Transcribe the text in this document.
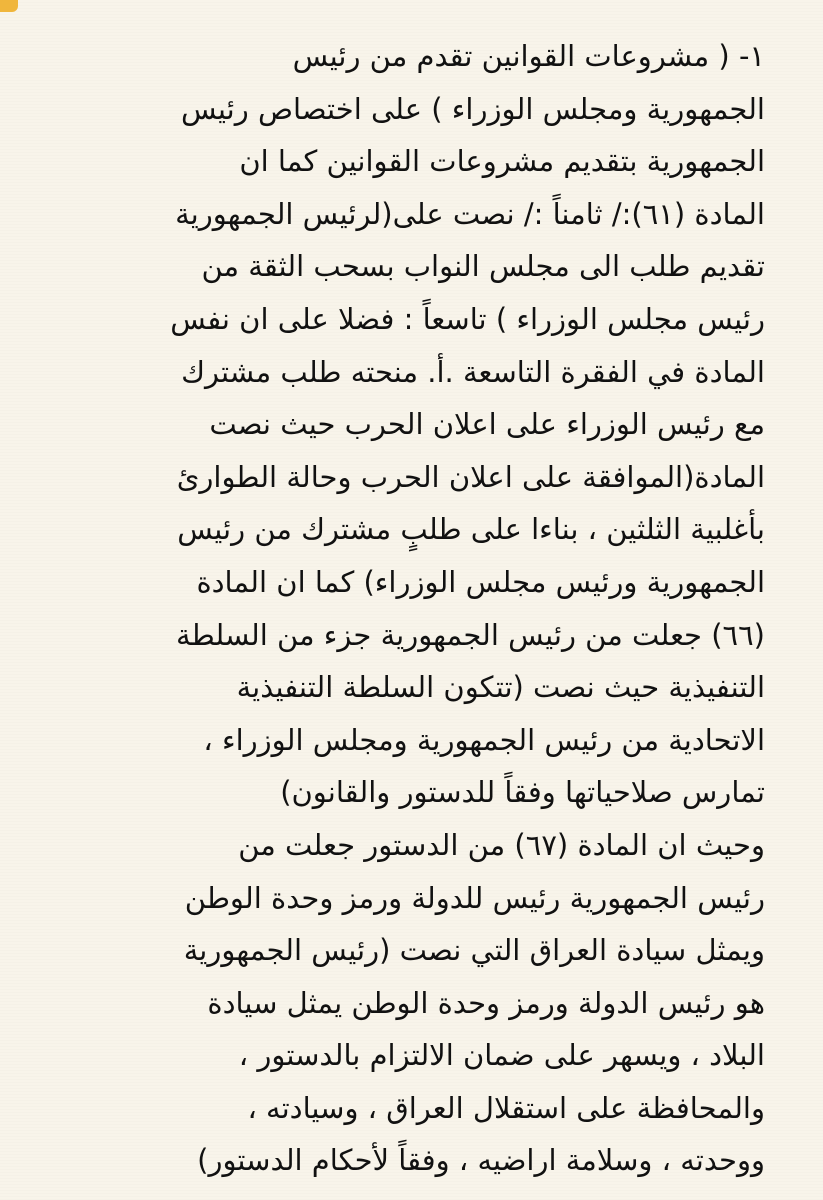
١- ( مشروعات القوانين تقدم من رئيس
الجمهورية ومجلس الوزراء ) على اختصاص رئيس
الجمهورية بتقديم مشروعات القوانين كما ان
المادة (٦١):/ ثامناً :/ نصت على(لرئيس الجمهورية
تقديم طلب الى مجلس النواب بسحب الثقة من
رئيس مجلس الوزراء ) تاسعاً : فضلا على ان نفس
المادة في الفقرة التاسعة .أ. منحته طلب مشترك
مع رئيس الوزراء على اعلان الحرب حيث نصت
المادة(الموافقة على اعلان الحرب وحالة الطوارئ
بأغلبية الثلثين ، بناءا على طلبٍ مشترك من رئيس
الجمهورية ورئيس مجلس الوزراء) كما ان المادة
(٦٦) جعلت من رئيس الجمهورية جزء من السلطة
التنفيذية حيث نصت (تتكون السلطة التنفيذية
الاتحادية من رئيس الجمهورية ومجلس الوزراء ،
تمارس صلاحياتها وفقاً للدستور والقانون)
وحيث ان المادة (٦٧) من الدستور جعلت من
رئيس الجمهورية رئيس للدولة ورمز وحدة الوطن
ويمثل سيادة العراق التي نصت (رئيس الجمهورية
هو رئيس الدولة ورمز وحدة الوطن يمثل سيادة
البلاد ، ويسهر على ضمان الالتزام بالدستور ،
والمحافظة على استقلال العراق ، وسيادته ،
ووحدته ، وسلامة اراضيه ، وفقاً لأحكام الدستور)
